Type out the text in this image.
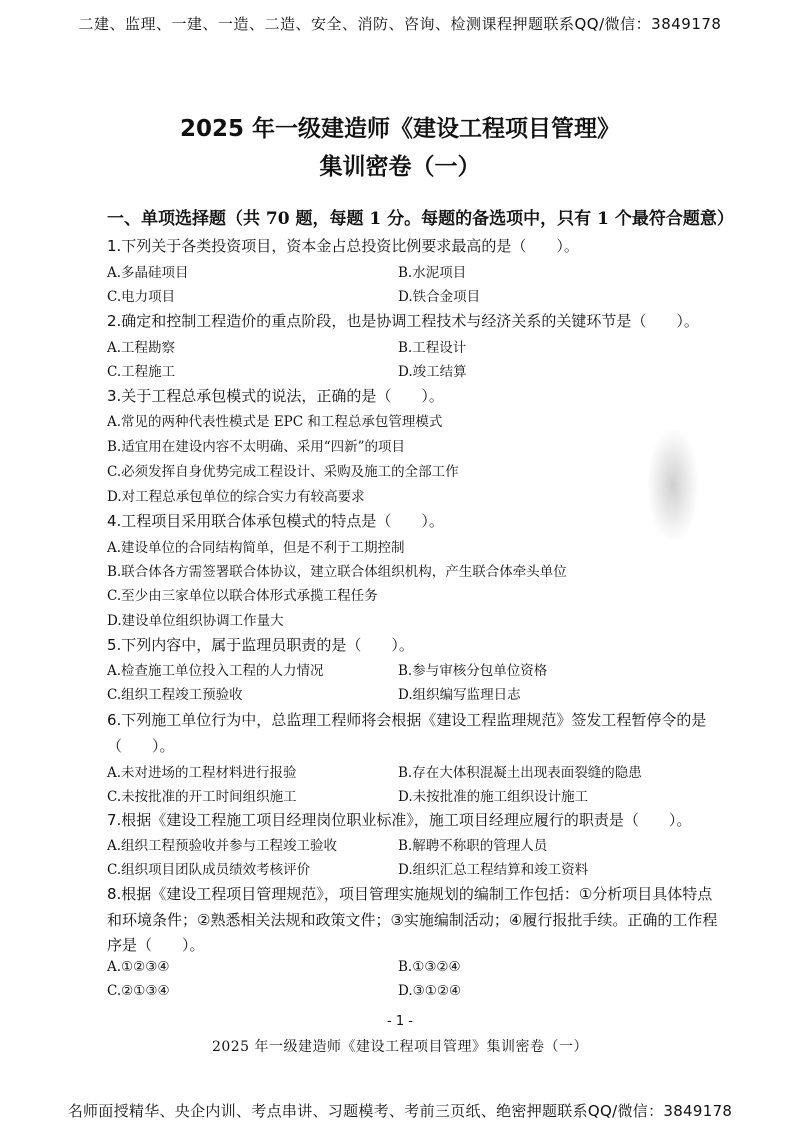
二建、监理、一建、一造、二造、安全、消防、咨询、检测课程押题联系QQ/微信：3849178
2025 年一级建造师《建设工程项目管理》
集训密卷（一）
一、单项选择题（共 70 题，每题 1 分。每题的备选项中，只有 1 个最符合题意）
1.下列关于各类投资项目，资本金占总投资比例要求最高的是（　　）。
A.多晶硅项目	B.水泥项目
C.电力项目	D.铁合金项目
2.确定和控制工程造价的重点阶段，也是协调工程技术与经济关系的关键环节是（　　）。
A.工程勘察	B.工程设计
C.工程施工	D.竣工结算
3.关于工程总承包模式的说法，正确的是（　　）。
A.常见的两种代表性模式是 EPC 和工程总承包管理模式
B.适宜用在建设内容不太明确、采用“四新”的项目
C.必须发挥自身优势完成工程设计、采购及施工的全部工作
D.对工程总承包单位的综合实力有较高要求
4.工程项目采用联合体承包模式的特点是（　　）。
A.建设单位的合同结构简单，但是不利于工期控制
B.联合体各方需签署联合体协议，建立联合体组织机构，产生联合体牵头单位
C.至少由三家单位以联合体形式承揽工程任务
D.建设单位组织协调工作量大
5.下列内容中，属于监理员职责的是（　　）。
A.检查施工单位投入工程的人力情况	B.参与审核分包单位资格
C.组织工程竣工预验收	D.组织编写监理日志
6.下列施工单位行为中，总监理工程师将会根据《建设工程监理规范》签发工程暂停令的是
（　　）。
A.未对进场的工程材料进行报验	B.存在大体积混凝土出现表面裂缝的隐患
C.未按批准的开工时间组织施工	D.未按批准的施工组织设计施工
7.根据《建设工程施工项目经理岗位职业标准》，施工项目经理应履行的职责是（　　）。
A.组织工程预验收并参与工程竣工验收	B.解聘不称职的管理人员
C.组织项目团队成员绩效考核评价	D.组织汇总工程结算和竣工资料
8.根据《建设工程项目管理规范》，项目管理实施规划的编制工作包括：①分析项目具体特点
和环境条件；②熟悉相关法规和政策文件；③实施编制活动；④履行报批手续。正确的工作程
序是（　　）。
A.①②③④	B.①③②④
C.②①③④	D.③①②④
- 1 -
2025 年一级建造师《建设工程项目管理》集训密卷（一）
名师面授精华、央企内训、考点串讲、习题模考、考前三页纸、绝密押题联系QQ/微信：3849178
